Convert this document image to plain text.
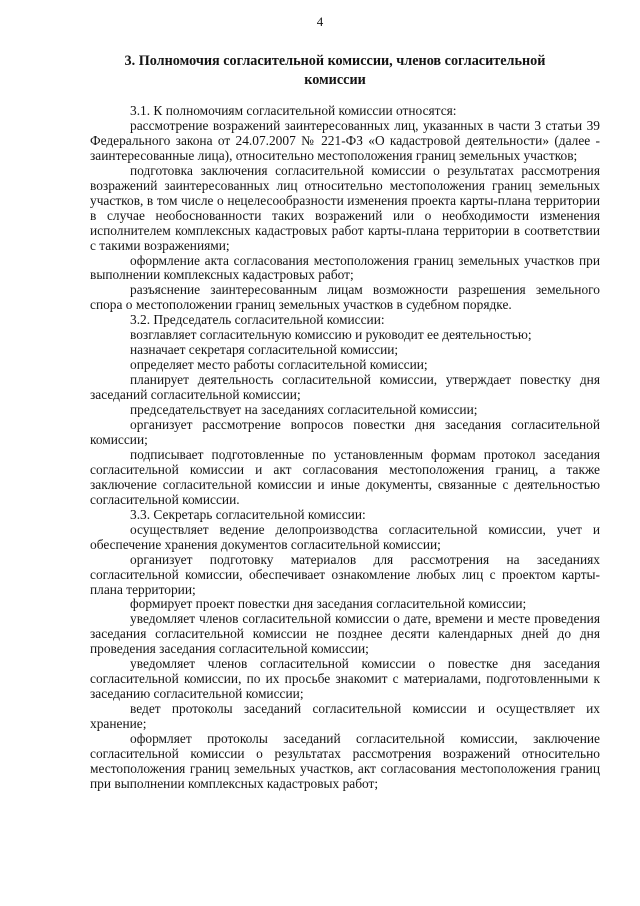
4
3. Полномочия согласительной комиссии, членов согласительной комиссии

3.1. К полномочиям согласительной комиссии относятся:

рассмотрение возражений заинтересованных лиц, указанных в части 3 статьи 39 Федерального закона от 24.07.2007 № 221-ФЗ «О кадастровой деятельности» (далее - заинтересованные лица), относительно местоположения границ земельных участков;

подготовка заключения согласительной комиссии о результатах рассмотрения возражений заинтересованных лиц относительно местоположения границ земельных участков, в том числе о нецелесообразности изменения проекта карты-плана территории в случае необоснованности таких возражений или о необходимости изменения исполнителем комплексных кадастровых работ карты-плана территории в соответствии с такими возражениями;

оформление акта согласования местоположения границ земельных участков при выполнении комплексных кадастровых работ;

разъяснение заинтересованным лицам возможности разрешения земельного спора о местоположении границ земельных участков в судебном порядке.

3.2. Председатель согласительной комиссии:

возглавляет согласительную комиссию и руководит ее деятельностью;

назначает секретаря согласительной комиссии;

определяет место работы согласительной комиссии;

планирует деятельность согласительной комиссии, утверждает повестку дня заседаний согласительной комиссии;

председательствует на заседаниях согласительной комиссии;

организует рассмотрение вопросов повестки дня заседания согласительной комиссии;

подписывает подготовленные по установленным формам протокол заседания согласительной комиссии и акт согласования местоположения границ, а также заключение согласительной комиссии и иные документы, связанные с деятельностью согласительной комиссии.

3.3. Секретарь согласительной комиссии:

осуществляет ведение делопроизводства согласительной комиссии, учет и обеспечение хранения документов согласительной комиссии;

организует подготовку материалов для рассмотрения на заседаниях согласительной комиссии, обеспечивает ознакомление любых лиц с проектом карты-плана территории;

формирует проект повестки дня заседания согласительной комиссии;

уведомляет членов согласительной комиссии о дате, времени и месте проведения заседания согласительной комиссии не позднее десяти календарных дней до дня проведения заседания согласительной комиссии;

уведомляет членов согласительной комиссии о повестке дня заседания согласительной комиссии, по их просьбе знакомит с материалами, подготовленными к заседанию согласительной комиссии;

ведет протоколы заседаний согласительной комиссии и осуществляет их хранение;

оформляет протоколы заседаний согласительной комиссии, заключение согласительной комиссии о результатах рассмотрения возражений относительно местоположения границ земельных участков, акт согласования местоположения границ при выполнении комплексных кадастровых работ;
